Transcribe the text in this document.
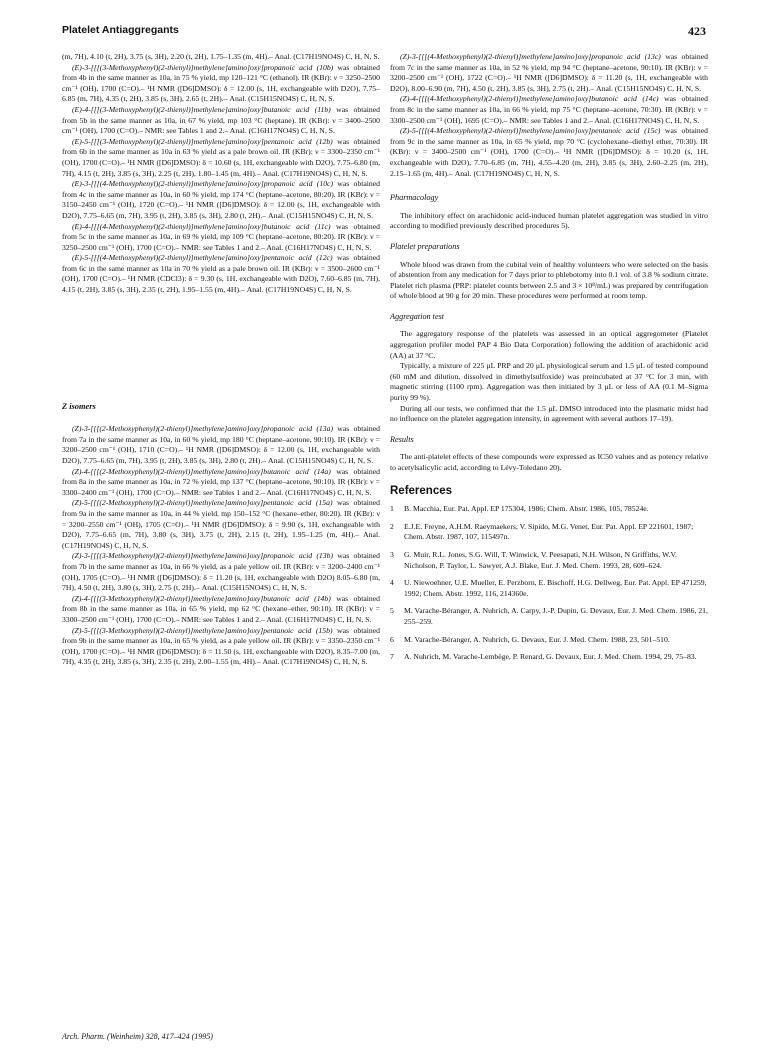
Platelet Antiaggregants	423

(m, 7H), 4.10 (t, 2H), 3.75 (s, 3H), 2.20 (t, 2H), 1.75–1.35 (m, 4H).– Anal. (C17H19NO4S) C, H, N, S.

(E)-3-[[[(3-Methoxyphenyl)(2-thienyl)]methylene]amino]oxy]propanoic acid (10b) was obtained from 4b in the same manner as 10a, in 75 % yield, mp 120–121 °C (ethanol). IR (KBr): ν = 3250–2500 cm⁻¹ (OH), 1700 (C=O).– ¹H NMR ([D6]DMSO): δ = 12.00 (s, 1H, exchangeable with D2O), 7.75–6.85 (m, 7H), 4.35 (t, 2H), 3.85 (s, 3H), 2.65 (t, 2H).– Anal. (C15H15NO4S) C, H, N, S.

(E)-4-[[[(3-Methoxyphenyl)(2-thienyl)]methylene]amino]oxy]butanoic acid (11b) was obtained from 5b in the same manner as 10a, in 67 % yield, mp 103 °C (heptane). IR (KBr): ν = 3400–2500 cm⁻¹ (OH), 1700 (C=O).– NMR: see Tables 1 and 2.– Anal. (C16H17NO4S) C, H, N, S.

(E)-5-[[[(3-Methoxyphenyl)(2-thienyl)]methylene]amino]oxy]pentanoic acid (12b) was obtained from 6b in the same manner as 10a in 63 % yield as a pale brown oil. IR (KBr): ν = 3300–2350 cm⁻¹ (OH), 1700 (C=O).– ¹H NMR ([D6]DMSO): δ = 10.60 (s, 1H, exchangeable with D2O), 7.75–6.80 (m, 7H), 4.15 (t, 2H), 3.85 (s, 3H), 2.25 (t, 2H), 1.80–1.45 (m, 4H).– Anal. (C17H19NO4S) C, H, N, S.

(E)-3-[[[(4-Methoxyphenyl)(2-thienyl)]methylene]amino]oxy]propanoic acid (10c) was obtained from 4c in the same manner as 10a, in 60 % yield, mp 174 °C (heptane–acetone, 80:20). IR (KBr): ν = 3150–2450 cm⁻¹ (OH), 1720 (C=O).– ¹H NMR ([D6]DMSO): δ = 12.00 (s, 1H, exchangeable with D2O), 7.75–6.65 (m, 7H), 3.95 (t, 2H), 3.85 (s, 3H), 2.80 (t, 2H).– Anal. (C15H15NO4S) C, H, N, S.

(E)-4-[[[(4-Methoxyphenyl)(2-thienyl)]methylene]amino]oxy]butanoic acid (11c) was obtained from 5c in the same manner as 10a, in 69 % yield, mp 109 °C (heptane–acetone, 80:20). IR (KBr): ν = 3250–2500 cm⁻¹ (OH), 1700 (C=O).– NMR: see Tables 1 and 2.– Anal. (C16H17NO4S) C, H, N, S.

(E)-5-[[[(4-Methoxyphenyl)(2-thienyl)]methylene]amino]oxy]pentanoic acid (12c) was obtained from 6c in the same manner as 10a in 70 % yield as a pale brown oil. IR (KBr): ν = 3500–2600 cm⁻¹ (OH), 1700 (C=O).– ¹H NMR (CDCl3): δ = 9.30 (s, 1H, exchangeable with D2O), 7.60–6.85 (m, 7H), 4.15 (t, 2H), 3.85 (s, 3H), 2.35 (t, 2H), 1.95–1.55 (m, 4H).– Anal. (C17H19NO4S) C, H, N, S.

Z isomers

(Z)-3-[[[(2-Methoxyphenyl)(2-thienyl)]methylene]amino]oxy]propanoic acid (13a) was obtained from 7a in the same manner as 10a, in 60 % yield, mp 180 °C (heptane–acetone, 90:10). IR (KBr): ν = 3200–2500 cm⁻¹ (OH), 1710 (C=O).– ¹H NMR ([D6]DMSO): δ = 12.00 (s, 1H, exchangeable with D2O), 7.75–6.65 (m, 7H), 3.95 (t, 2H), 3.85 (s, 3H), 2.80 (t, 2H).– Anal. (C15H15NO4S) C, H, N, S.

(Z)-4-[[[(2-Methoxyphenyl)(2-thienyl)]methylene]amino]oxy]butanoic acid (14a) was obtained from 8a in the same manner as 10a, in 72 % yield, mp 137 °C (heptane–acetone, 90:10). IR (KBr): ν = 3300–2400 cm⁻¹ (OH), 1700 (C=O).– NMR: see Tables 1 and 2.– Anal. (C16H17NO4S) C, H, N, S.

(Z)-5-[[[(2-Methoxyphenyl)(2-thienyl)]methylene]amino]oxy]pentanoic acid (15a) was obtained from 9a in the same manner as 10a, in 44 % yield, mp 150–152 °C (hexane–ether, 80:20). IR (KBr): ν = 3200–2550 cm⁻¹ (OH), 1705 (C=O).– ¹H NMR ([D6]DMSO): δ = 9.90 (s, 1H, exchangeable with D2O), 7.75–6.65 (m, 7H), 3.80 (s, 3H), 3.75 (t, 2H), 2.15 (t, 2H), 1.95–1.25 (m, 4H).– Anal. (C17H19NO4S) C, H, N, S.

(Z)-3-[[[(3-Methoxyphenyl)(2-thienyl)]methylene]amino]oxy]propanoic acid (13b) was obtained from 7b in the same manner as 10a, in 66 % yield, as a pale yellow oil. IR (KBr): ν = 3200–2400 cm⁻¹ (OH), 1705 (C=O).– ¹H NMR ([D6]DMSO): δ = 11.20 (s, 1H, exchangeable with D2O) 8.05–6.80 (m, 7H), 4.50 (t, 2H), 3.80 (s, 3H), 2.75 (t, 2H).– Anal. (C15H15NO4S) C, H, N, S.

(Z)-4-[[[(3-Methoxyphenyl)(2-thienyl)]methylene]amino]oxy]butanoic acid (14b) was obtained from 8b in the same manner as 10a, in 65 % yield, mp 62 °C (hexane–ether, 90:10). IR (KBr): ν = 3300–2500 cm⁻¹ (OH), 1700 (C=O).– NMR: see Tables 1 and 2.– Anal. (C16H17NO4S) C, H, N, S.

(Z)-5-[[[(3-Methoxyphenyl)(2-thienyl)]methylene]amino]oxy]pentanoic acid (15b) was obtained from 9b in the same manner as 10a, in 65 % yield, as a pale yellow oil. IR (KBr): ν = 3350–2350 cm⁻¹ (OH), 1700 (C=O).– ¹H NMR ([D6]DMSO): δ = 11.50 (s, 1H, exchangeable with D2O), 8.35–7.00 (m, 7H), 4.35 (t, 2H), 3.85 (s, 3H), 2.35 (t, 2H), 2.00–1.55 (m, 4H).– Anal. (C17H19NO4S) C, H, N, S.

(Z)-3-[[[(4-Methoxyphenyl)(2-thienyl)]methylene]amino]oxy]propanoic acid (13c) was obtained from 7c in the same manner as 10a, in 52 % yield, mp 94 °C (heptane–acetone, 90:10). IR (KBr): ν = 3200–2500 cm⁻¹ (OH), 1722 (C=O).– ¹H NMR ([D6]DMSO): δ = 11.20 (s, 1H, exchangeable with D2O), 8.00–6.90 (m, 7H), 4.50 (t, 2H), 3.85 (s, 3H), 2.75 (t, 2H).– Anal. (C15H15NO4S) C, H, N, S.

(Z)-4-[[[(4-Methoxyphenyl)(2-thienyl)]methylene]amino]oxy]butanoic acid (14c) was obtained from 8c in the same manner as 10a, in 66 % yield, mp 75 °C (heptane–acetone, 70:30). IR (KBr): ν = 3300–2500 cm⁻¹ (OH), 1695 (C=O).– NMR: see Tables 1 and 2.– Anal. (C16H17NO4S) C, H, N, S.

(Z)-5-[[[(4-Methoxyphenyl)(2-thienyl)]methylene]amino]oxy]pentanoic acid (15c) was obtained from 9c in the same manner as 10a, in 65 % yield, mp 70 °C (cyclohexane–diethyl ether, 70:30). IR (KBr): ν = 3400–2500 cm⁻¹ (OH), 1700 (C=O).– ¹H NMR ([D6]DMSO): δ = 10.20 (s, 1H, exchangeable with D2O), 7.70–6.85 (m, 7H), 4.55–4.20 (m, 2H), 3.85 (s, 3H), 2.60–2.25 (m, 2H), 2.15–1.65 (m, 4H).– Anal. (C17H19NO4S) C, H, N, S.

Pharmacology

The inhibitory effect on arachidonic acid-induced human platelet aggregation was studied in vitro according to modified previously described procedures 5).

Platelet preparations

Whole blood was drawn from the cubital vein of healthy volunteers who were selected on the basis of abstention from any medication for 7 days prior to phlebotomy into 0.1 vol. of 3.8 % sodium citrate. Platelet rich plasma (PRP: platelet counts between 2.5 and 3 × 10⁸/mL) was prepared by centrifugation of whole blood at 90 g for 20 min. These procedures were performed at room temp.

Aggregation test

The aggregatory response of the platelets was assessed in an optical aggregometer (Platelet aggregation profiler model PAP 4 Bio Data Corporation) following the addition of arachidonic acid (AA) at 37 °C.

Typically, a mixture of 225 μL PRP and 20 μL physiological serum and 1.5 μL of tested compound (60 mM and dilution, dissolved in dimethylsulfoxide) was preincubated at 37 °C for 3 min, with magnetic stirring (1100 rpm). Aggregation was then initiated by 3 μL or less of AA (0.1 M–Sigma purity 99 %).

During all our tests, we confirmed that the 1.5 μL DMSO introduced into the plasmatic midst had no influence on the platelet aggregation intensity, in agreement with several authors 17–19).

Results

The anti-platelet effects of these compounds were expressed as IC50 values and as potency relative to acetylsalicylic acid, according to Lévy-Toledano 20).

References

1	B. Macchia, Eur. Pat. Appl. EP 175304, 1986; Chem. Abstr. 1986, 105, 78524e.
2	E.J.E. Freyne, A.H.M. Raeymaekers, V. Sipido, M.G. Venet, Eur. Pat. Appl. EP 221601, 1987; Chem. Abstr. 1987, 107, 115497n.
3	G. Muir, R.L. Jones, S.G. Will, T. Winwick, V. Peesapati, N.H. Wilson, N Griffiths, W.V. Nicholson, P. Taylor, L. Sawyer, A.J. Blake, Eur. J. Med. Chem. 1993, 28, 609–624.
4	U. Niewoehner, U.E. Mueller, E. Perzborn, E. Bischoff, H.G. Dellweg, Eur. Pat. Appl. EP 471259, 1992; Chem. Abstr. 1992, 116, 214360e.
5	M. Varache-Béranger, A. Nuhrich, A. Carpy, J.-P. Dupin, G. Devaux, Eur. J. Med. Chem. 1986, 21, 255–259.
6	M. Varache-Béranger, A. Nuhrich, G. Devaux, Eur. J. Med. Chem. 1988, 23, 501–510.
7	A. Nuhrich, M. Varache-Lembège, P. Renard, G. Devaux, Eur. J. Med. Chem. 1994, 29, 75–83.
Arch. Pharm. (Weinheim) 328, 417–424 (1995)
